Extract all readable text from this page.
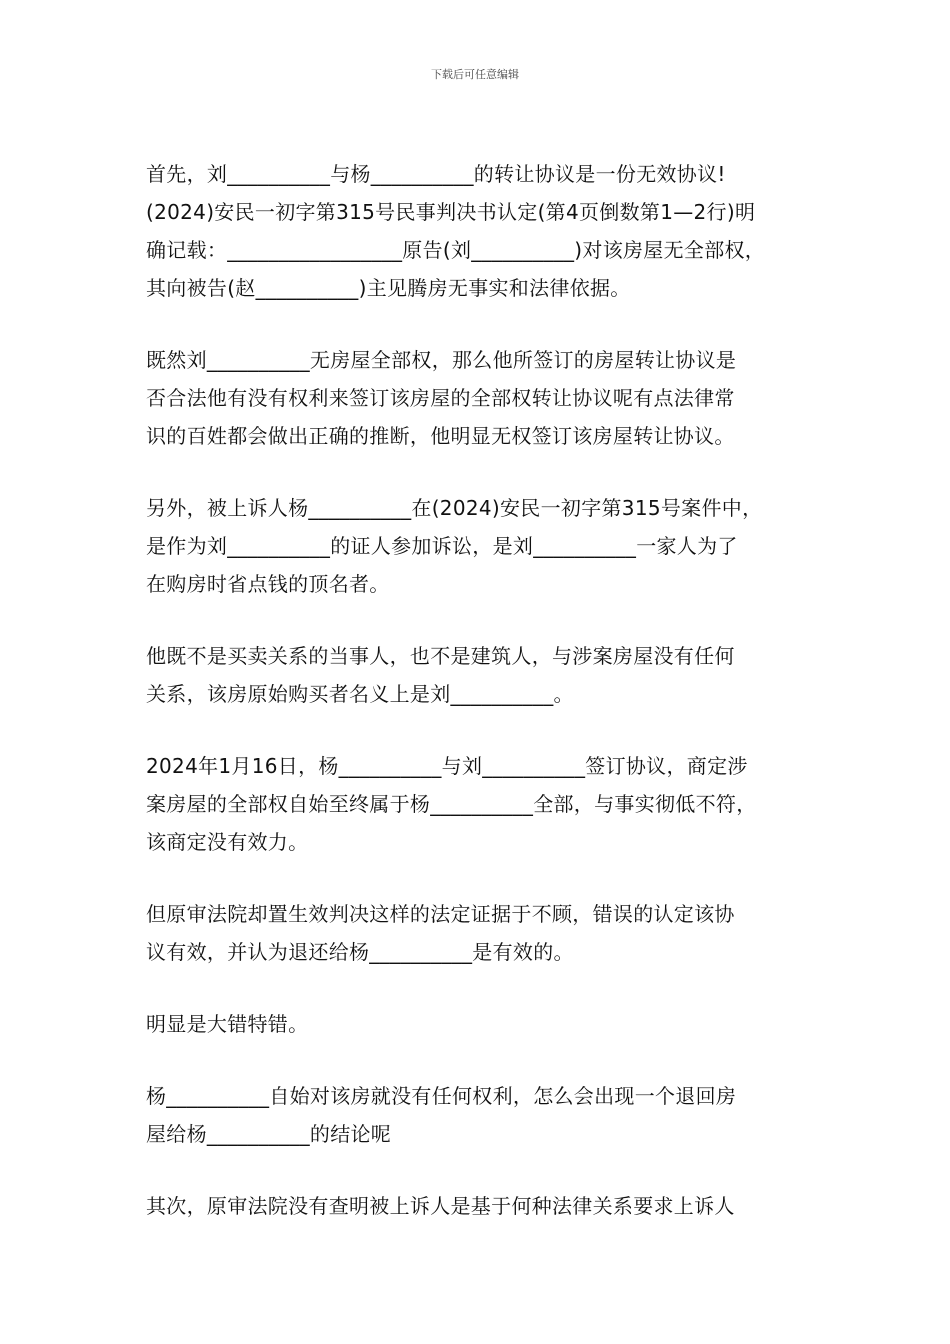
下载后可任意编辑
首先，刘__________与杨__________的转让协议是一份无效协议!
(2024)安民一初字第315号民事判决书认定(第4页倒数第1—2行)明
确记载：_________________原告(刘__________)对该房屋无全部权，
其向被告(赵__________)主见腾房无事实和法律依据。
既然刘__________无房屋全部权，那么他所签订的房屋转让协议是
否合法他有没有权利来签订该房屋的全部权转让协议呢有点法律常
识的百姓都会做出正确的推断，他明显无权签订该房屋转让协议。
另外，被上诉人杨__________在(2024)安民一初字第315号案件中，
是作为刘__________的证人参加诉讼，是刘__________一家人为了
在购房时省点钱的顶名者。
他既不是买卖关系的当事人，也不是建筑人，与涉案房屋没有任何
关系，该房原始购买者名义上是刘__________。
2024年1月16日，杨__________与刘__________签订协议，商定涉
案房屋的全部权自始至终属于杨__________全部，与事实彻低不符，
该商定没有效力。
但原审法院却置生效判决这样的法定证据于不顾，错误的认定该协
议有效，并认为退还给杨__________是有效的。
明显是大错特错。
杨__________自始对该房就没有任何权利，怎么会出现一个退回房
屋给杨__________的结论呢
其次，原审法院没有查明被上诉人是基于何种法律关系要求上诉人
